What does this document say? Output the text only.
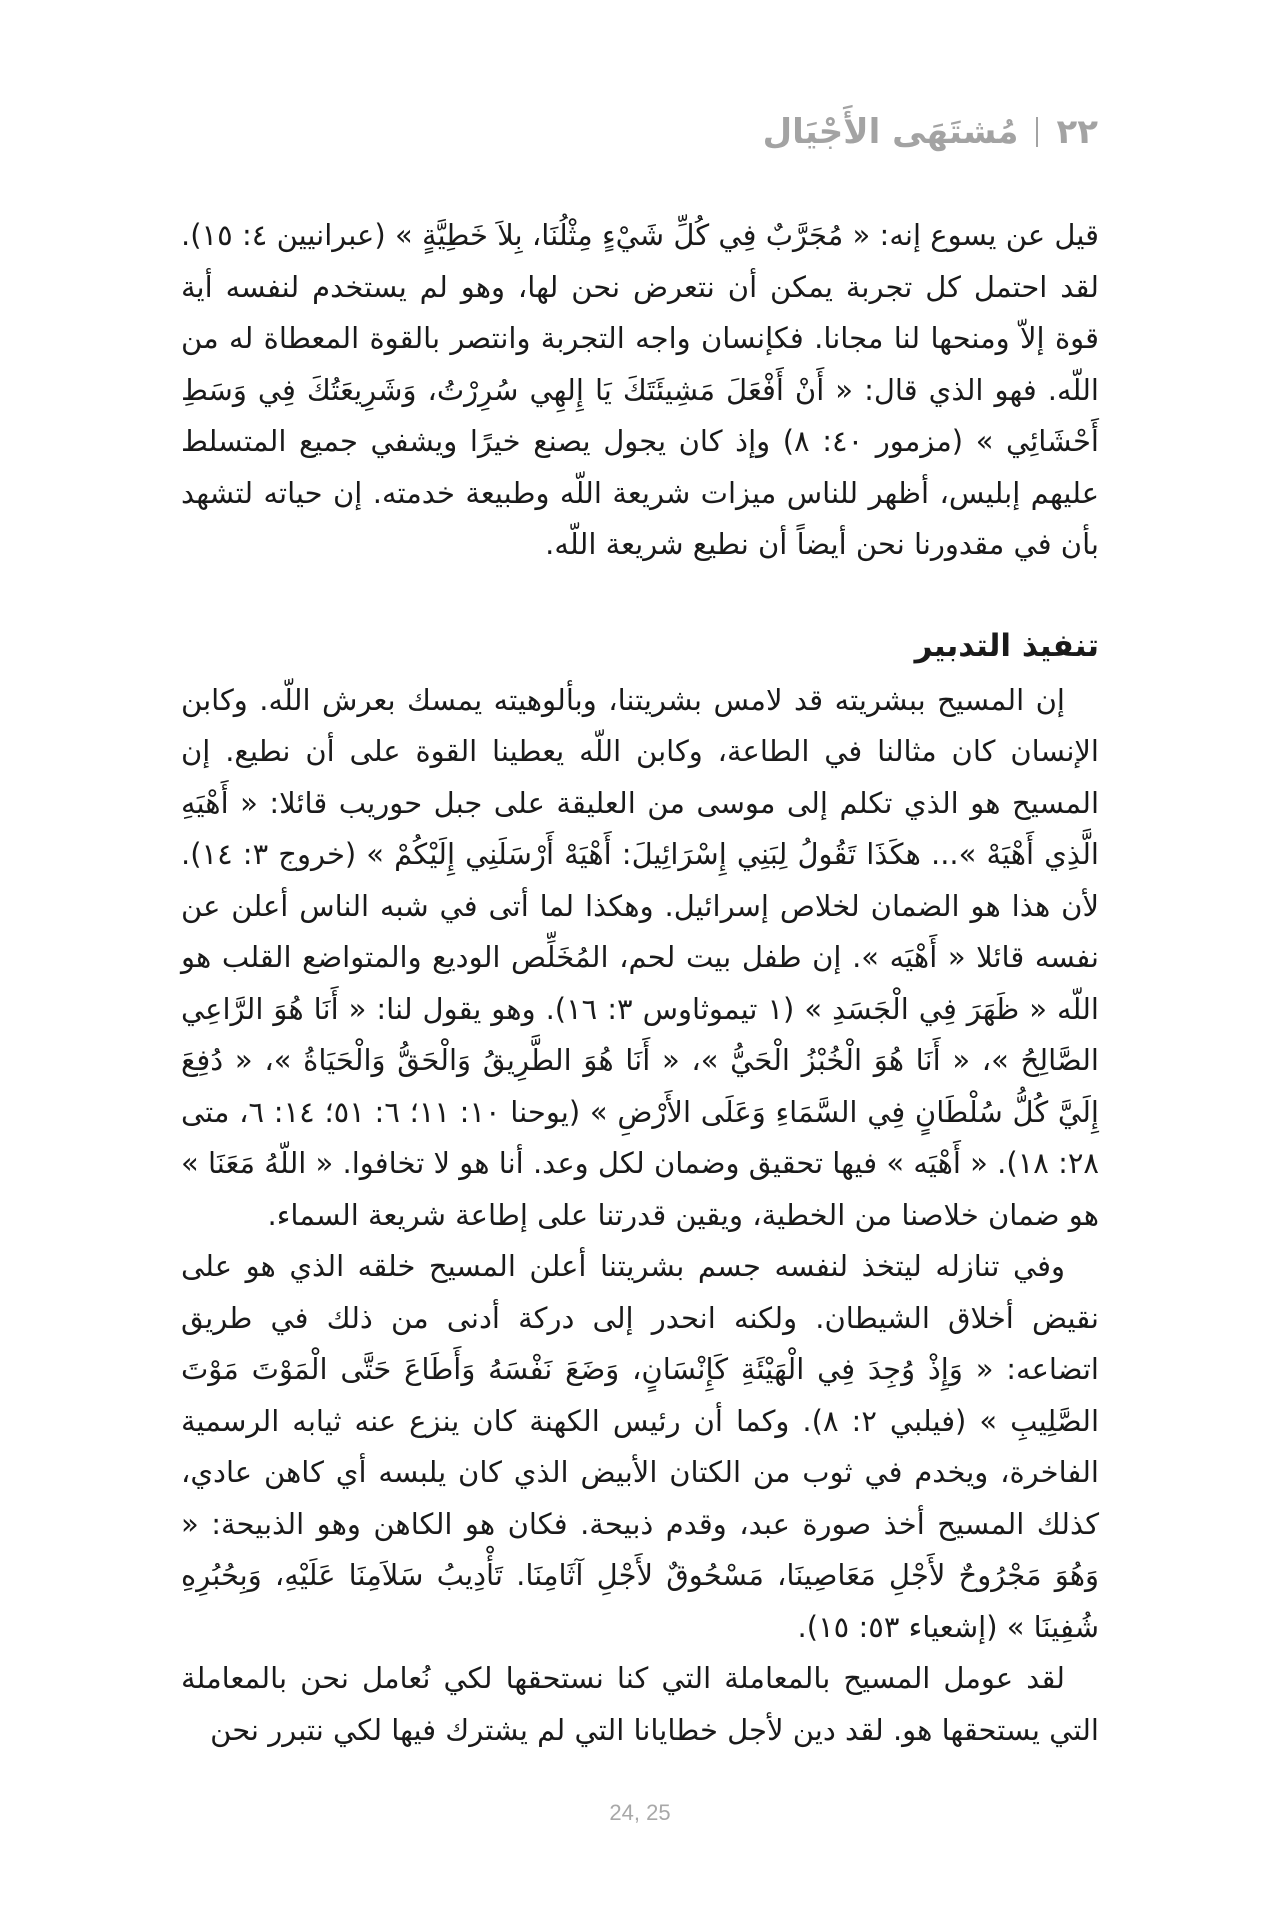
٢٢
مُشتَهَى الأَجْيَال

قيل عن يسوع إنه: « مُجَرَّبٌ فِي كُلِّ شَيْءٍ مِثْلُنَا، بِلاَ خَطِيَّةٍ » (عبرانيين ٤: ١٥). لقد احتمل كل تجربة يمكن أن نتعرض نحن لها، وهو لم يستخدم لنفسه أية قوة إلاّ ومنحها لنا مجانا. فكإنسان واجه التجربة وانتصر بالقوة المعطاة له من اللّه. فهو الذي قال: « أَنْ أَفْعَلَ مَشِيئَتَكَ يَا إِلهِي سُرِرْتُ، وَشَرِيعَتُكَ فِي وَسَطِ أَحْشَائِي » (مزمور ٤٠: ٨) وإذ كان يجول يصنع خيرًا ويشفي جميع المتسلط عليهم إبليس، أظهر للناس ميزات شريعة اللّه وطبيعة خدمته. إن حياته لتشهد بأن في مقدورنا نحن أيضاً أن نطيع شريعة اللّه.

تنفيذ التدبير

إن المسيح ببشريته قد لامس بشريتنا، وبألوهيته يمسك بعرش اللّه. وكابن الإنسان كان مثالنا في الطاعة، وكابن اللّه يعطينا القوة على أن نطيع. إن المسيح هو الذي تكلم إلى موسى من العليقة على جبل حوريب قائلا: « أَهْيَهِ الَّذِي أَهْيَهْ »... هكَذَا تَقُولُ لِبَنِي إِسْرَائِيلَ: أَهْيَهْ أَرْسَلَنِي إِلَيْكُمْ » (خروج ٣: ١٤). لأن هذا هو الضمان لخلاص إسرائيل. وهكذا لما أتى في شبه الناس أعلن عن نفسه قائلا « أَهْيَه ». إن طفل بيت لحم، المُخَلِّص الوديع والمتواضع القلب هو اللّه « ظَهَرَ فِي الْجَسَدِ » (١ تيموثاوس ٣: ١٦). وهو يقول لنا: « أَنَا هُوَ الرَّاعِي الصَّالِحُ »، « أَنَا هُوَ الْخُبْزُ الْحَيُّ »، « أَنَا هُوَ الطَّرِيقُ وَالْحَقُّ وَالْحَيَاةُ »، « دُفِعَ إِلَيَّ كُلُّ سُلْطَانٍ فِي السَّمَاءِ وَعَلَى الأَرْضِ » (يوحنا ١٠: ١١؛ ٦: ٥١؛ ١٤: ٦، متى ٢٨: ١٨). « أَهْيَه » فيها تحقيق وضمان لكل وعد. أنا هو لا تخافوا. « اللّهُ مَعَنَا » هو ضمان خلاصنا من الخطية، ويقين قدرتنا على إطاعة شريعة السماء.

وفي تنازله ليتخذ لنفسه جسم بشريتنا أعلن المسيح خلقه الذي هو على نقيض أخلاق الشيطان. ولكنه انحدر إلى دركة أدنى من ذلك في طريق اتضاعه: « وَإِذْ وُجِدَ فِي الْهَيْئَةِ كَإِنْسَانٍ، وَضَعَ نَفْسَهُ وَأَطَاعَ حَتَّى الْمَوْتَ مَوْتَ الصَّلِيبِ » (فيلبي ٢: ٨). وكما أن رئيس الكهنة كان ينزع عنه ثيابه الرسمية الفاخرة، ويخدم في ثوب من الكتان الأبيض الذي كان يلبسه أي كاهن عادي، كذلك المسيح أخذ صورة عبد، وقدم ذبيحة. فكان هو الكاهن وهو الذبيحة: « وَهُوَ مَجْرُوحٌ لأَجْلِ مَعَاصِينَا، مَسْحُوقٌ لأَجْلِ آثَامِنَا. تَأْدِيبُ سَلاَمِنَا عَلَيْهِ، وَبِحُبُرِهِ شُفِينَا » (إشعياء ٥٣: ١٥).

لقد عومل المسيح بالمعاملة التي كنا نستحقها لكي نُعامل نحن بالمعاملة التي يستحقها هو. لقد دين لأجل خطايانا التي لم يشترك فيها لكي نتبرر نحن

24, 25
